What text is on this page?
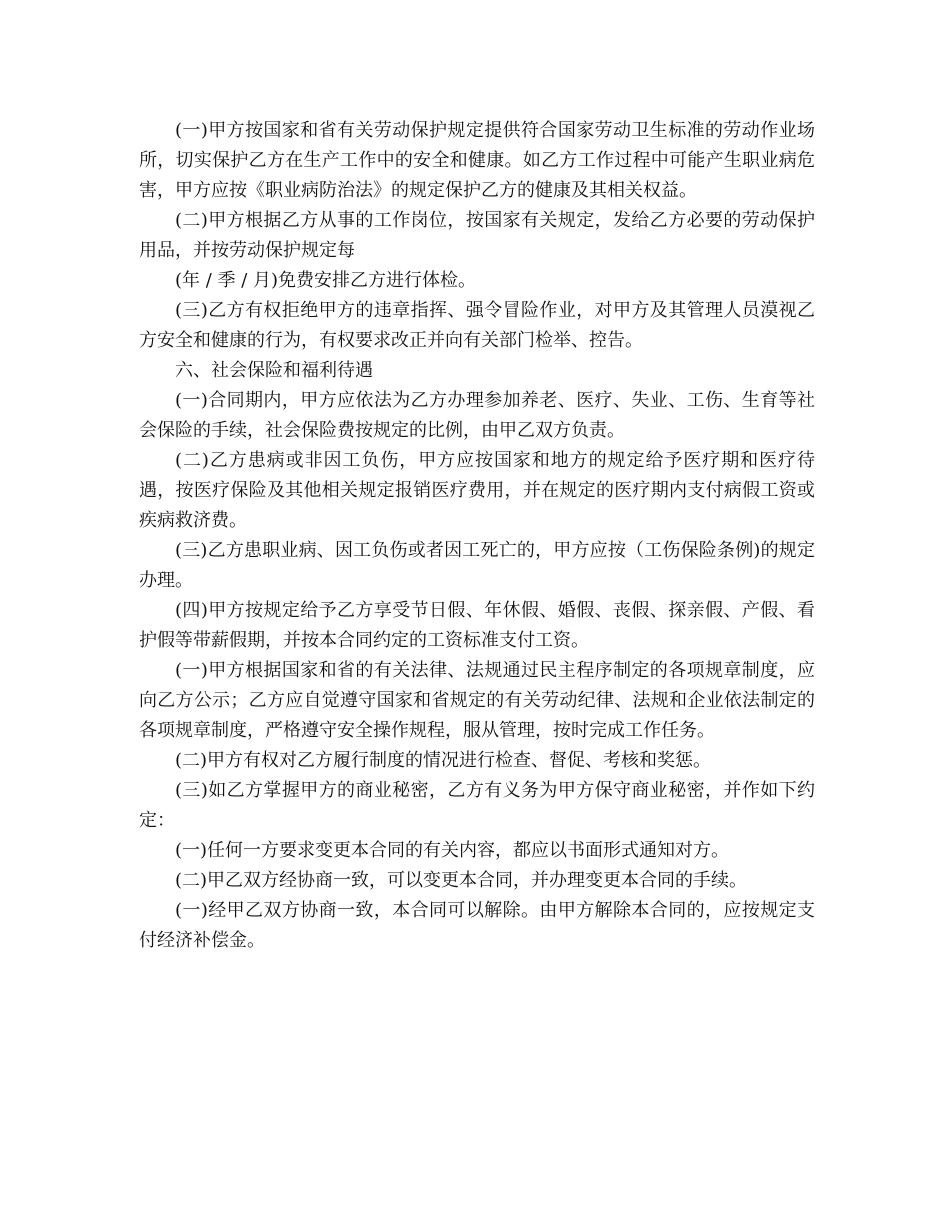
(一)甲方按国家和省有关劳动保护规定提供符合国家劳动卫生标准的劳动作业场所，切实保护乙方在生产工作中的安全和健康。如乙方工作过程中可能产生职业病危害，甲方应按《职业病防治法》的规定保护乙方的健康及其相关权益。

(二)甲方根据乙方从事的工作岗位，按国家有关规定，发给乙方必要的劳动保护用品，并按劳动保护规定每

(年 / 季 / 月)免费安排乙方进行体检。

(三)乙方有权拒绝甲方的违章指挥、强令冒险作业，对甲方及其管理人员漠视乙方安全和健康的行为，有权要求改正并向有关部门检举、控告。

六、社会保险和福利待遇

(一)合同期内，甲方应依法为乙方办理参加养老、医疗、失业、工伤、生育等社会保险的手续，社会保险费按规定的比例，由甲乙双方负责。

(二)乙方患病或非因工负伤，甲方应按国家和地方的规定给予医疗期和医疗待遇，按医疗保险及其他相关规定报销医疗费用，并在规定的医疗期内支付病假工资或疾病救济费。

(三)乙方患职业病、因工负伤或者因工死亡的，甲方应按（工伤保险条例)的规定办理。

(四)甲方按规定给予乙方享受节日假、年休假、婚假、丧假、探亲假、产假、看护假等带薪假期，并按本合同约定的工资标准支付工资。

(一)甲方根据国家和省的有关法律、法规通过民主程序制定的各项规章制度，应向乙方公示；乙方应自觉遵守国家和省规定的有关劳动纪律、法规和企业依法制定的各项规章制度，严格遵守安全操作规程，服从管理，按时完成工作任务。

(二)甲方有权对乙方履行制度的情况进行检查、督促、考核和奖惩。

(三)如乙方掌握甲方的商业秘密，乙方有义务为甲方保守商业秘密，并作如下约定：

(一)任何一方要求变更本合同的有关内容，都应以书面形式通知对方。

(二)甲乙双方经协商一致，可以变更本合同，并办理变更本合同的手续。

(一)经甲乙双方协商一致，本合同可以解除。由甲方解除本合同的，应按规定支付经济补偿金。
